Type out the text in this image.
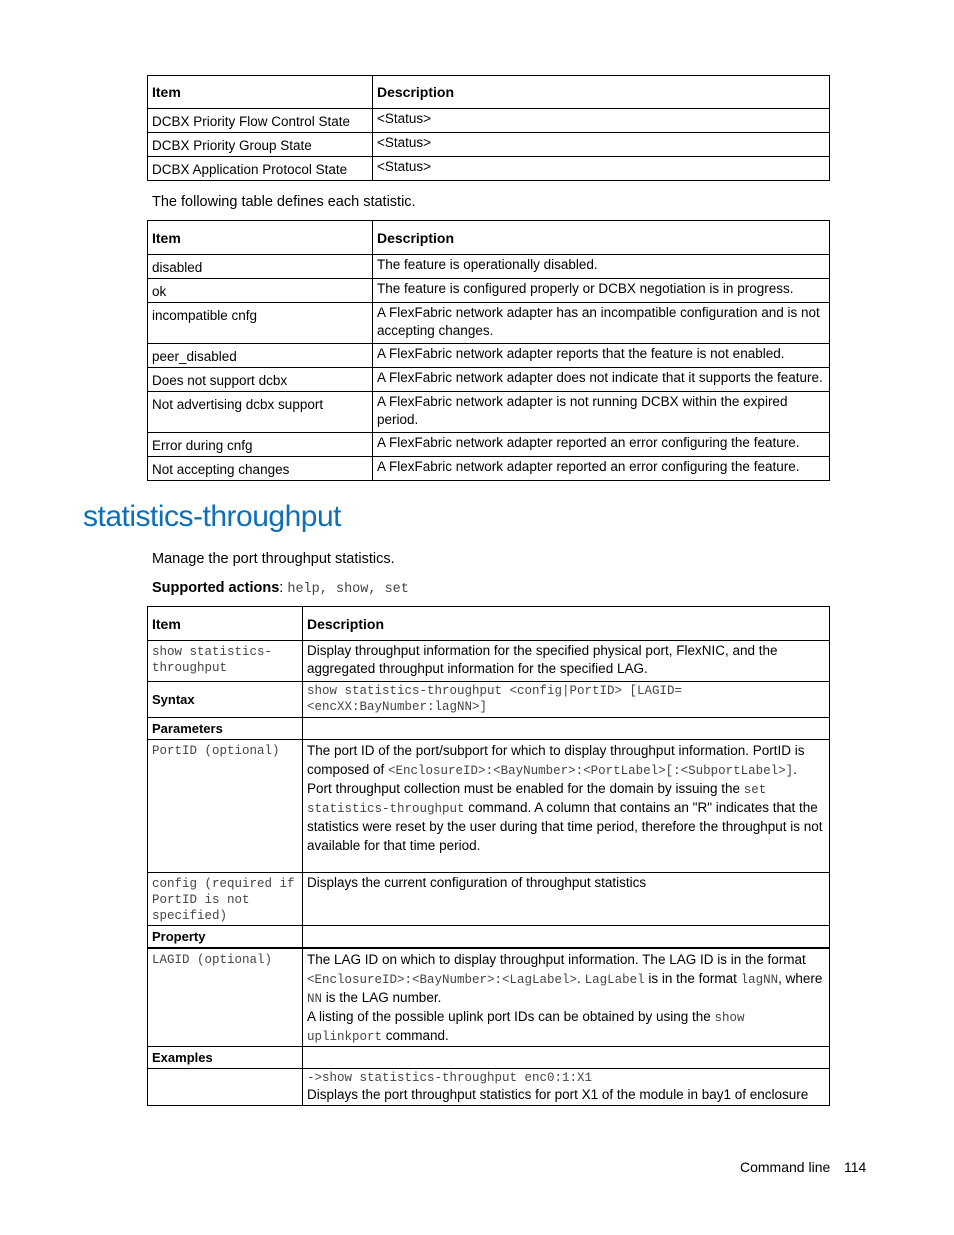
Item	Description
DCBX Priority Flow Control State	<Status>
DCBX Priority Group State	<Status>
DCBX Application Protocol State	<Status>
The following table defines each statistic.
Item	Description
disabled	The feature is operationally disabled.
ok	The feature is configured properly or DCBX negotiation is in progress.
incompatible cnfg	A FlexFabric network adapter has an incompatible configuration and is not accepting changes.
peer_disabled	A FlexFabric network adapter reports that the feature is not enabled.
Does not support dcbx	A FlexFabric network adapter does not indicate that it supports the feature.
Not advertising dcbx support	A FlexFabric network adapter is not running DCBX within the expired period.
Error during cnfg	A FlexFabric network adapter reported an error configuring the feature.
Not accepting changes	A FlexFabric network adapter reported an error configuring the feature.
statistics-throughput
Manage the port throughput statistics.
Supported actions: help, show, set
Item	Description
show statistics-throughput	Display throughput information for the specified physical port, FlexNIC, and the aggregated throughput information for the specified LAG.
Syntax	show statistics-throughput <config|PortID> [LAGID=<encXX:BayNumber:lagNN>]
Parameters	
PortID (optional)	The port ID of the port/subport for which to display throughput information. PortID is composed of <EnclosureID>:<BayNumber>:<PortLabel>[:<SubportLabel>]. Port throughput collection must be enabled for the domain by issuing the set statistics-throughput command. A column that contains an "R" indicates that the statistics were reset by the user during that time period, therefore the throughput is not available for that time period.
config (required if PortID is not specified)	Displays the current configuration of throughput statistics
Property	
LAGID (optional)	The LAG ID on which to display throughput information. The LAG ID is in the format <EnclosureID>:<BayNumber>:<LagLabel>. LagLabel is in the format lagNN, where NN is the LAG number.
A listing of the possible uplink port IDs can be obtained by using the show uplinkport command.
Examples	

	->show statistics-throughput enc0:1:X1
Displays the port throughput statistics for port X1 of the module in bay1 of enclosure
Command line 114
